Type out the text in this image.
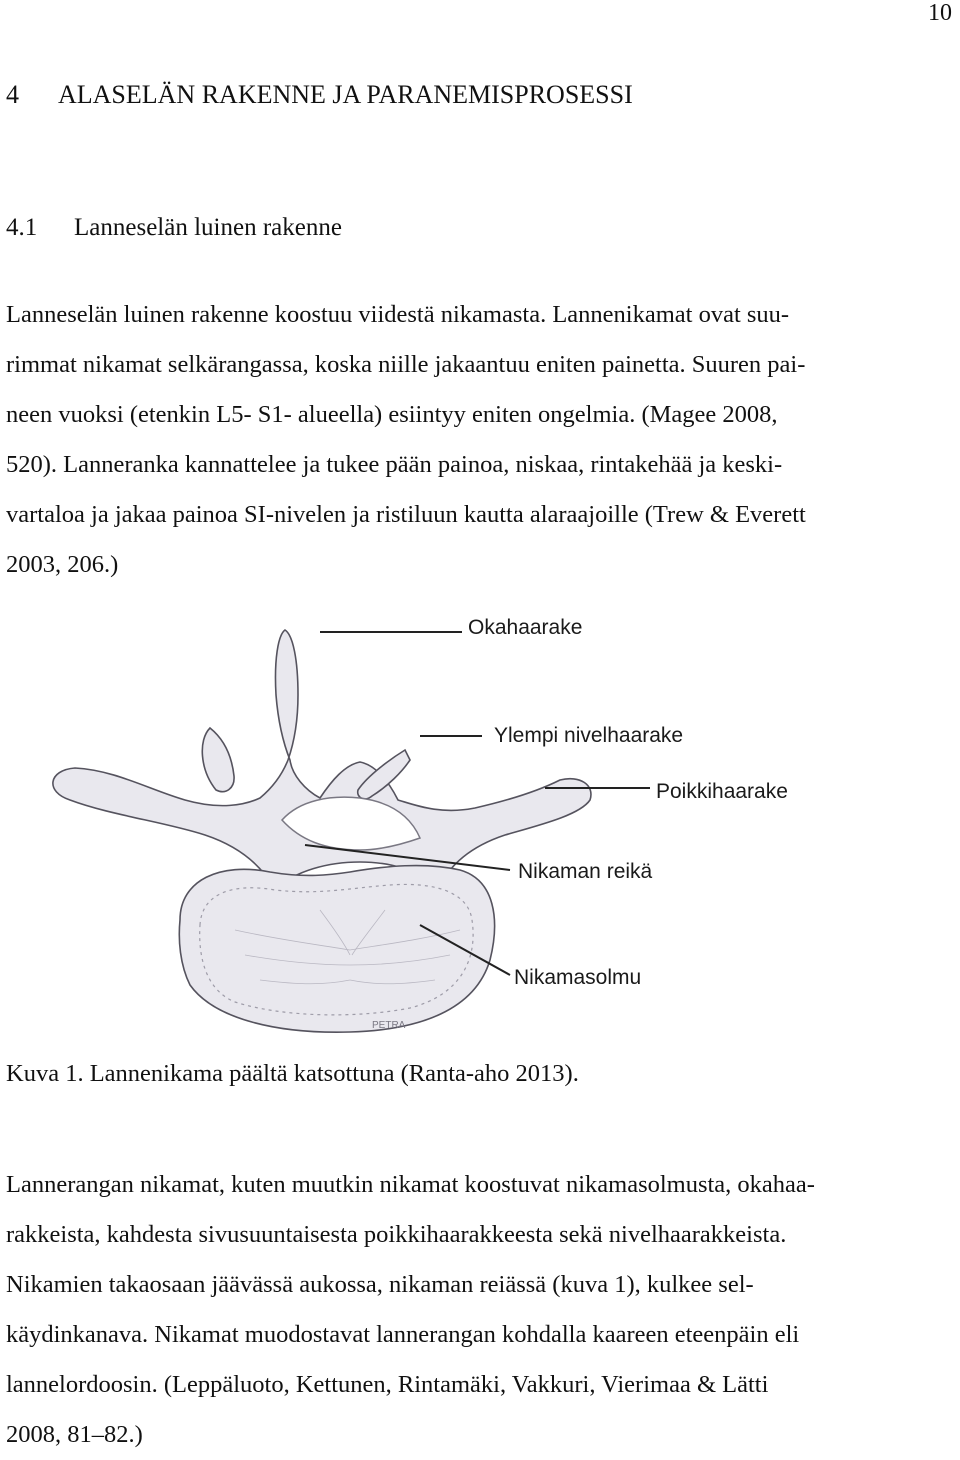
10
4 ALASELÄN RAKENNE JA PARANEMISPROSESSI
4.1 Lanneselän luinen rakenne
Lanneselän luinen rakenne koostuu viidestä nikamasta. Lannenikamat ovat suu-
rimmat nikamat selkärangassa, koska niille jakaantuu eniten painetta. Suuren pai-
neen vuoksi (etenkin L5- S1- alueella) esiintyy eniten ongelmia. (Magee 2008,
520). Lanneranka kannattelee ja tukee pään painoa, niskaa, rintakehää ja keski-
vartaloa ja jakaa painoa SI-nivelen ja ristiluun kautta alaraajoille (Trew & Everett
2003, 206.)
PETRA
Okahaarake
Ylempi nivelhaarake
Poikkihaarake
Nikaman reikä
Nikamasolmu
Kuva 1. Lannenikama päältä katsottuna (Ranta-aho 2013).
Lannerangan nikamat, kuten muutkin nikamat koostuvat nikamasolmusta, okahaa-
rakkeista, kahdesta sivusuuntaisesta poikkihaarakkeesta sekä nivelhaarakkeista.
Nikamien takaosaan jäävässä aukossa, nikaman reiässä (kuva 1), kulkee sel-
käydinkanava. Nikamat muodostavat lannerangan kohdalla kaareen eteenpäin eli
lannelordoosin. (Leppäluoto, Kettunen, Rintamäki, Vakkuri, Vierimaa & Lätti
2008, 81–82.)
